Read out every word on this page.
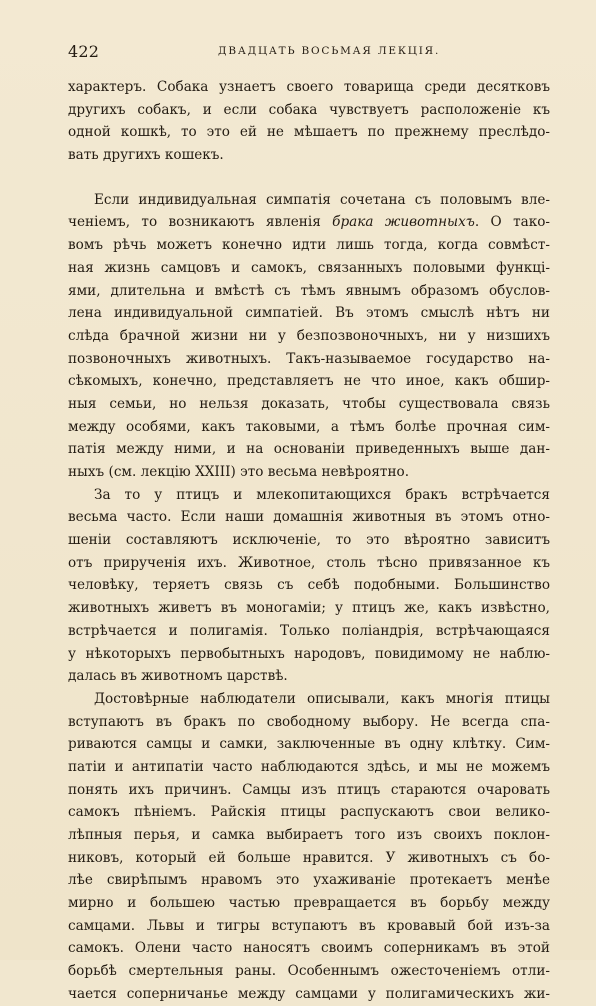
422	ДВАДЦАТЬ ВОСЬМАЯ ЛЕКЦІЯ.
характеръ. Собака узнаетъ своего товарища среди десятковъ
другихъ собакъ, и если собака чувствуетъ расположеніе къ
одной кошкѣ, то это ей не мѣшаетъ по прежнему преслѣдо-
вать другихъ кошекъ.
Если индивидуальная симпатія сочетана съ половымъ вле-
ченіемъ, то возникаютъ явленія брака животныхъ. О тако-
вомъ рѣчь можетъ конечно идти лишь тогда, когда совмѣст-
ная жизнь самцовъ и самокъ, связанныхъ половыми функці-
ями, длительна и вмѣстѣ съ тѣмъ явнымъ образомъ обуслов-
лена индивидуальной симпатіей. Въ этомъ смыслѣ нѣтъ ни
слѣда брачной жизни ни у безпозвоночныхъ, ни у низшихъ
позвоночныхъ животныхъ. Такъ-называемое государство на-
сѣкомыхъ, конечно, представляетъ не что иное, какъ обшир-
ныя семьи, но нельзя доказать, чтобы существовала связь
между особями, какъ таковыми, а тѣмъ болѣе прочная сим-
патія между ними, и на основаніи приведенныхъ выше дан-
ныхъ (см. лекцію XXIII) это весьма невѣроятно.
За то у птицъ и млекопитающихся бракъ встрѣчается
весьма часто. Если наши домашнія животныя въ этомъ отно-
шеніи составляютъ исключеніе, то это вѣроятно зависитъ
отъ прирученія ихъ. Животное, столь тѣсно привязанное къ
человѣку, теряетъ связь съ себѣ подобными. Большинство
животныхъ живетъ въ моногаміи; у птицъ же, какъ извѣстно,
встрѣчается и полигамія. Только поліандрія, встрѣчающаяся
у нѣкоторыхъ первобытныхъ народовъ, повидимому не наблю-
далась въ животномъ царствѣ.
Достовѣрные наблюдатели описывали, какъ многія птицы
вступаютъ въ бракъ по свободному выбору. Не всегда спа-
риваются самцы и самки, заключенные въ одну клѣтку. Сим-
патіи и антипатіи часто наблюдаются здѣсь, и мы не можемъ
понять ихъ причинъ. Самцы изъ птицъ стараются очаровать
самокъ пѣніемъ. Райскія птицы распускаютъ свои велико-
лѣпныя перья, и самка выбираетъ того изъ своихъ поклон-
никовъ, который ей больше нравится. У животныхъ съ бо-
лѣе свирѣпымъ нравомъ это ухаживаніе протекаетъ менѣе
мирно и большею частью превращается въ борьбу между
самцами. Львы и тигры вступаютъ въ кровавый бой изъ-за
самокъ. Олени часто наносятъ своимъ соперникамъ въ этой
борьбѣ смертельныя раны. Особеннымъ ожесточеніемъ отли-
чается соперничанье между самцами у полигамическихъ жи-
